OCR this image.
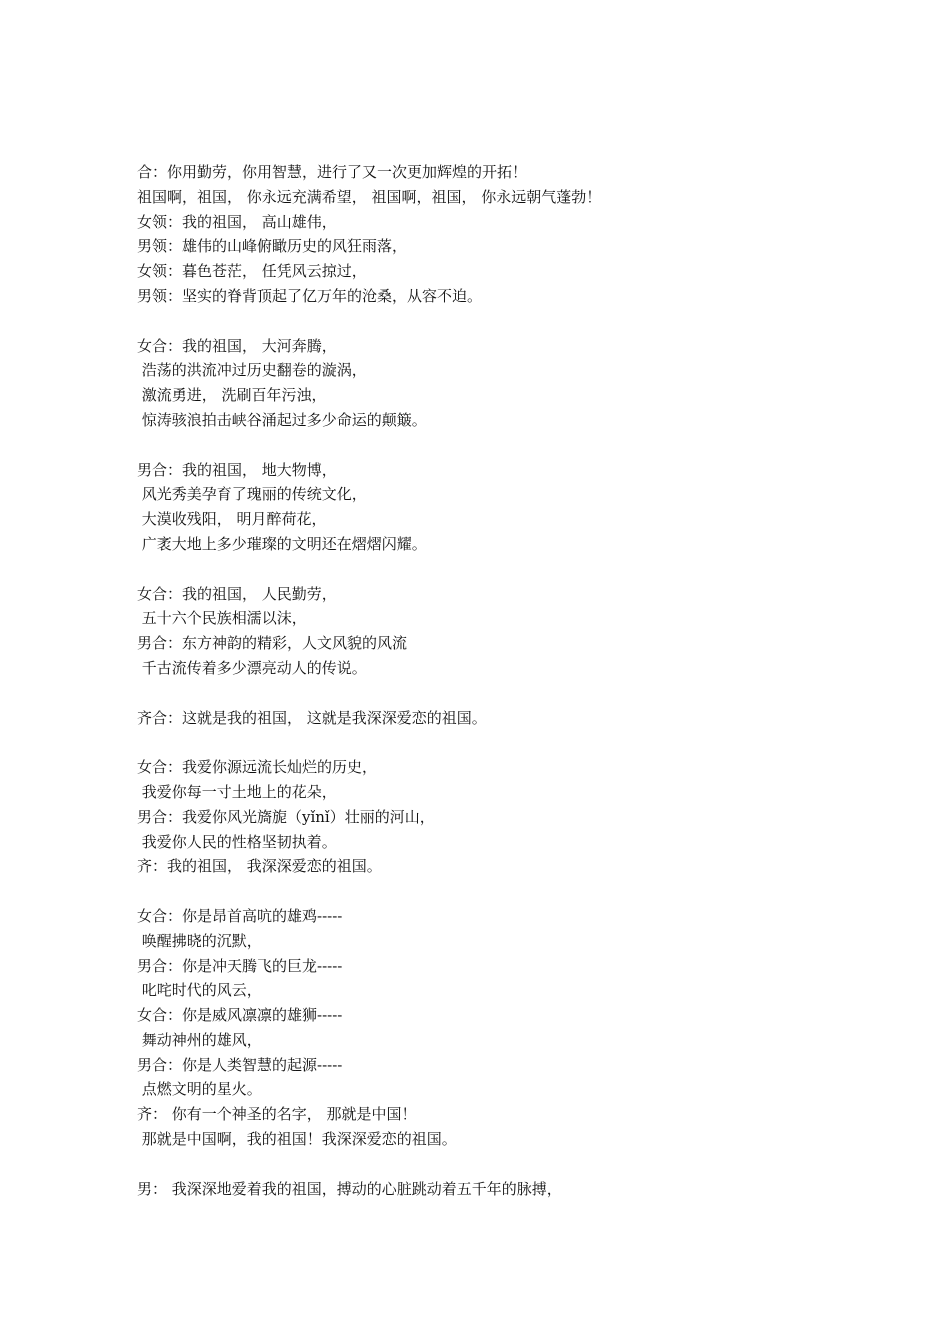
合：你用勤劳，你用智慧，进行了又一次更加辉煌的开拓！
祖国啊，祖国， 你永远充满希望， 祖国啊，祖国， 你永远朝气蓬勃！
女领：我的祖国， 高山雄伟，
男领：雄伟的山峰俯瞰历史的风狂雨落，
女领：暮色苍茫， 任凭风云掠过，
男领：坚实的脊背顶起了亿万年的沧桑，从容不迫。
女合：我的祖国， 大河奔腾，
浩荡的洪流冲过历史翻卷的漩涡，
激流勇进， 洗刷百年污浊，
惊涛骇浪拍击峡谷涌起过多少命运的颠簸。
男合：我的祖国， 地大物博，
风光秀美孕育了瑰丽的传统文化，
大漠收残阳， 明月醉荷花，
广袤大地上多少璀璨的文明还在熠熠闪耀。
女合：我的祖国， 人民勤劳，
五十六个民族相濡以沫，
男合：东方神韵的精彩，人文风貌的风流
千古流传着多少漂亮动人的传说。
齐合：这就是我的祖国， 这就是我深深爱恋的祖国。
女合：我爱你源远流长灿烂的历史，
我爱你每一寸土地上的花朵，
男合：我爱你风光旖旎（yǐnǐ）壮丽的河山，
我爱你人民的性格坚韧执着。
齐：我的祖国， 我深深爱恋的祖国。
女合：你是昂首高吭的雄鸡-----
唤醒拂晓的沉默，
男合：你是冲天腾飞的巨龙-----
叱咤时代的风云，
女合：你是威风凛凛的雄狮-----
舞动神州的雄风，
男合：你是人类智慧的起源-----
点燃文明的星火。
齐： 你有一个神圣的名字， 那就是中国！
那就是中国啊，我的祖国！我深深爱恋的祖国。
男： 我深深地爱着我的祖国，搏动的心脏跳动着五千年的脉搏，
